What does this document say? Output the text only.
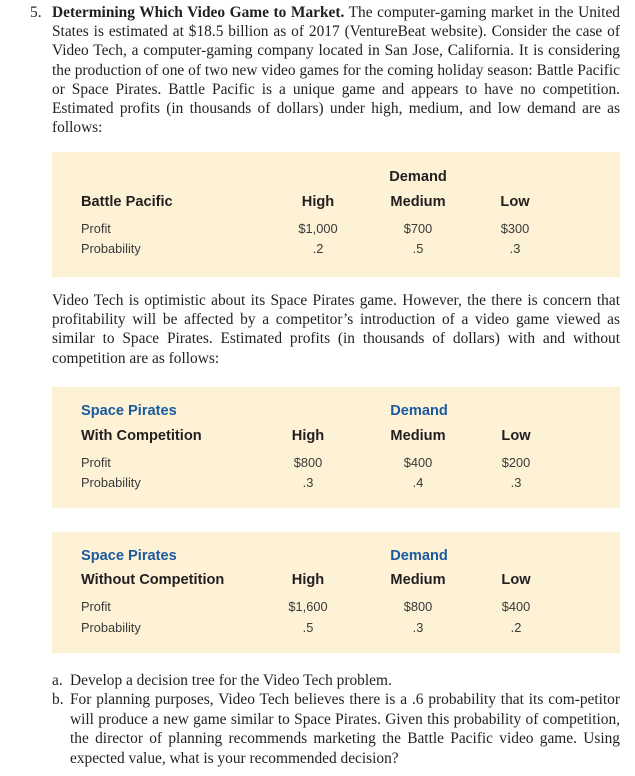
5. Determining Which Video Game to Market. The computer-gaming market in the United States is estimated at $18.5 billion as of 2017 (VentureBeat website). Consider the case of Video Tech, a computer-gaming company located in San Jose, California. It is considering the production of one of two new video games for the coming holiday season: Battle Pacific or Space Pirates. Battle Pacific is a unique game and appears to have no competition. Estimated profits (in thousands of dollars) under high, medium, and low demand are as follows:
Demand
Battle Pacific	High	Medium	Low
Profit	$1,000	$700	$300
Probability	.2	.5	.3
Video Tech is optimistic about its Space Pirates game. However, the there is concern that profitability will be affected by a competitor’s introduction of a video game viewed as similar to Space Pirates. Estimated profits (in thousands of dollars) with and without competition are as follows:
Space Pirates	Demand
With Competition	High	Medium	Low
Profit	$800	$400	$200
Probability	.3	.4	.3
Space Pirates	Demand
Without Competition	High	Medium	Low
Profit	$1,600	$800	$400
Probability	.5	.3	.2
a. Develop a decision tree for the Video Tech problem.
b. For planning purposes, Video Tech believes there is a .6 probability that its com-petitor will produce a new game similar to Space Pirates. Given this probability of competition, the director of planning recommends marketing the Battle Pacific video game. Using expected value, what is your recommended decision?
